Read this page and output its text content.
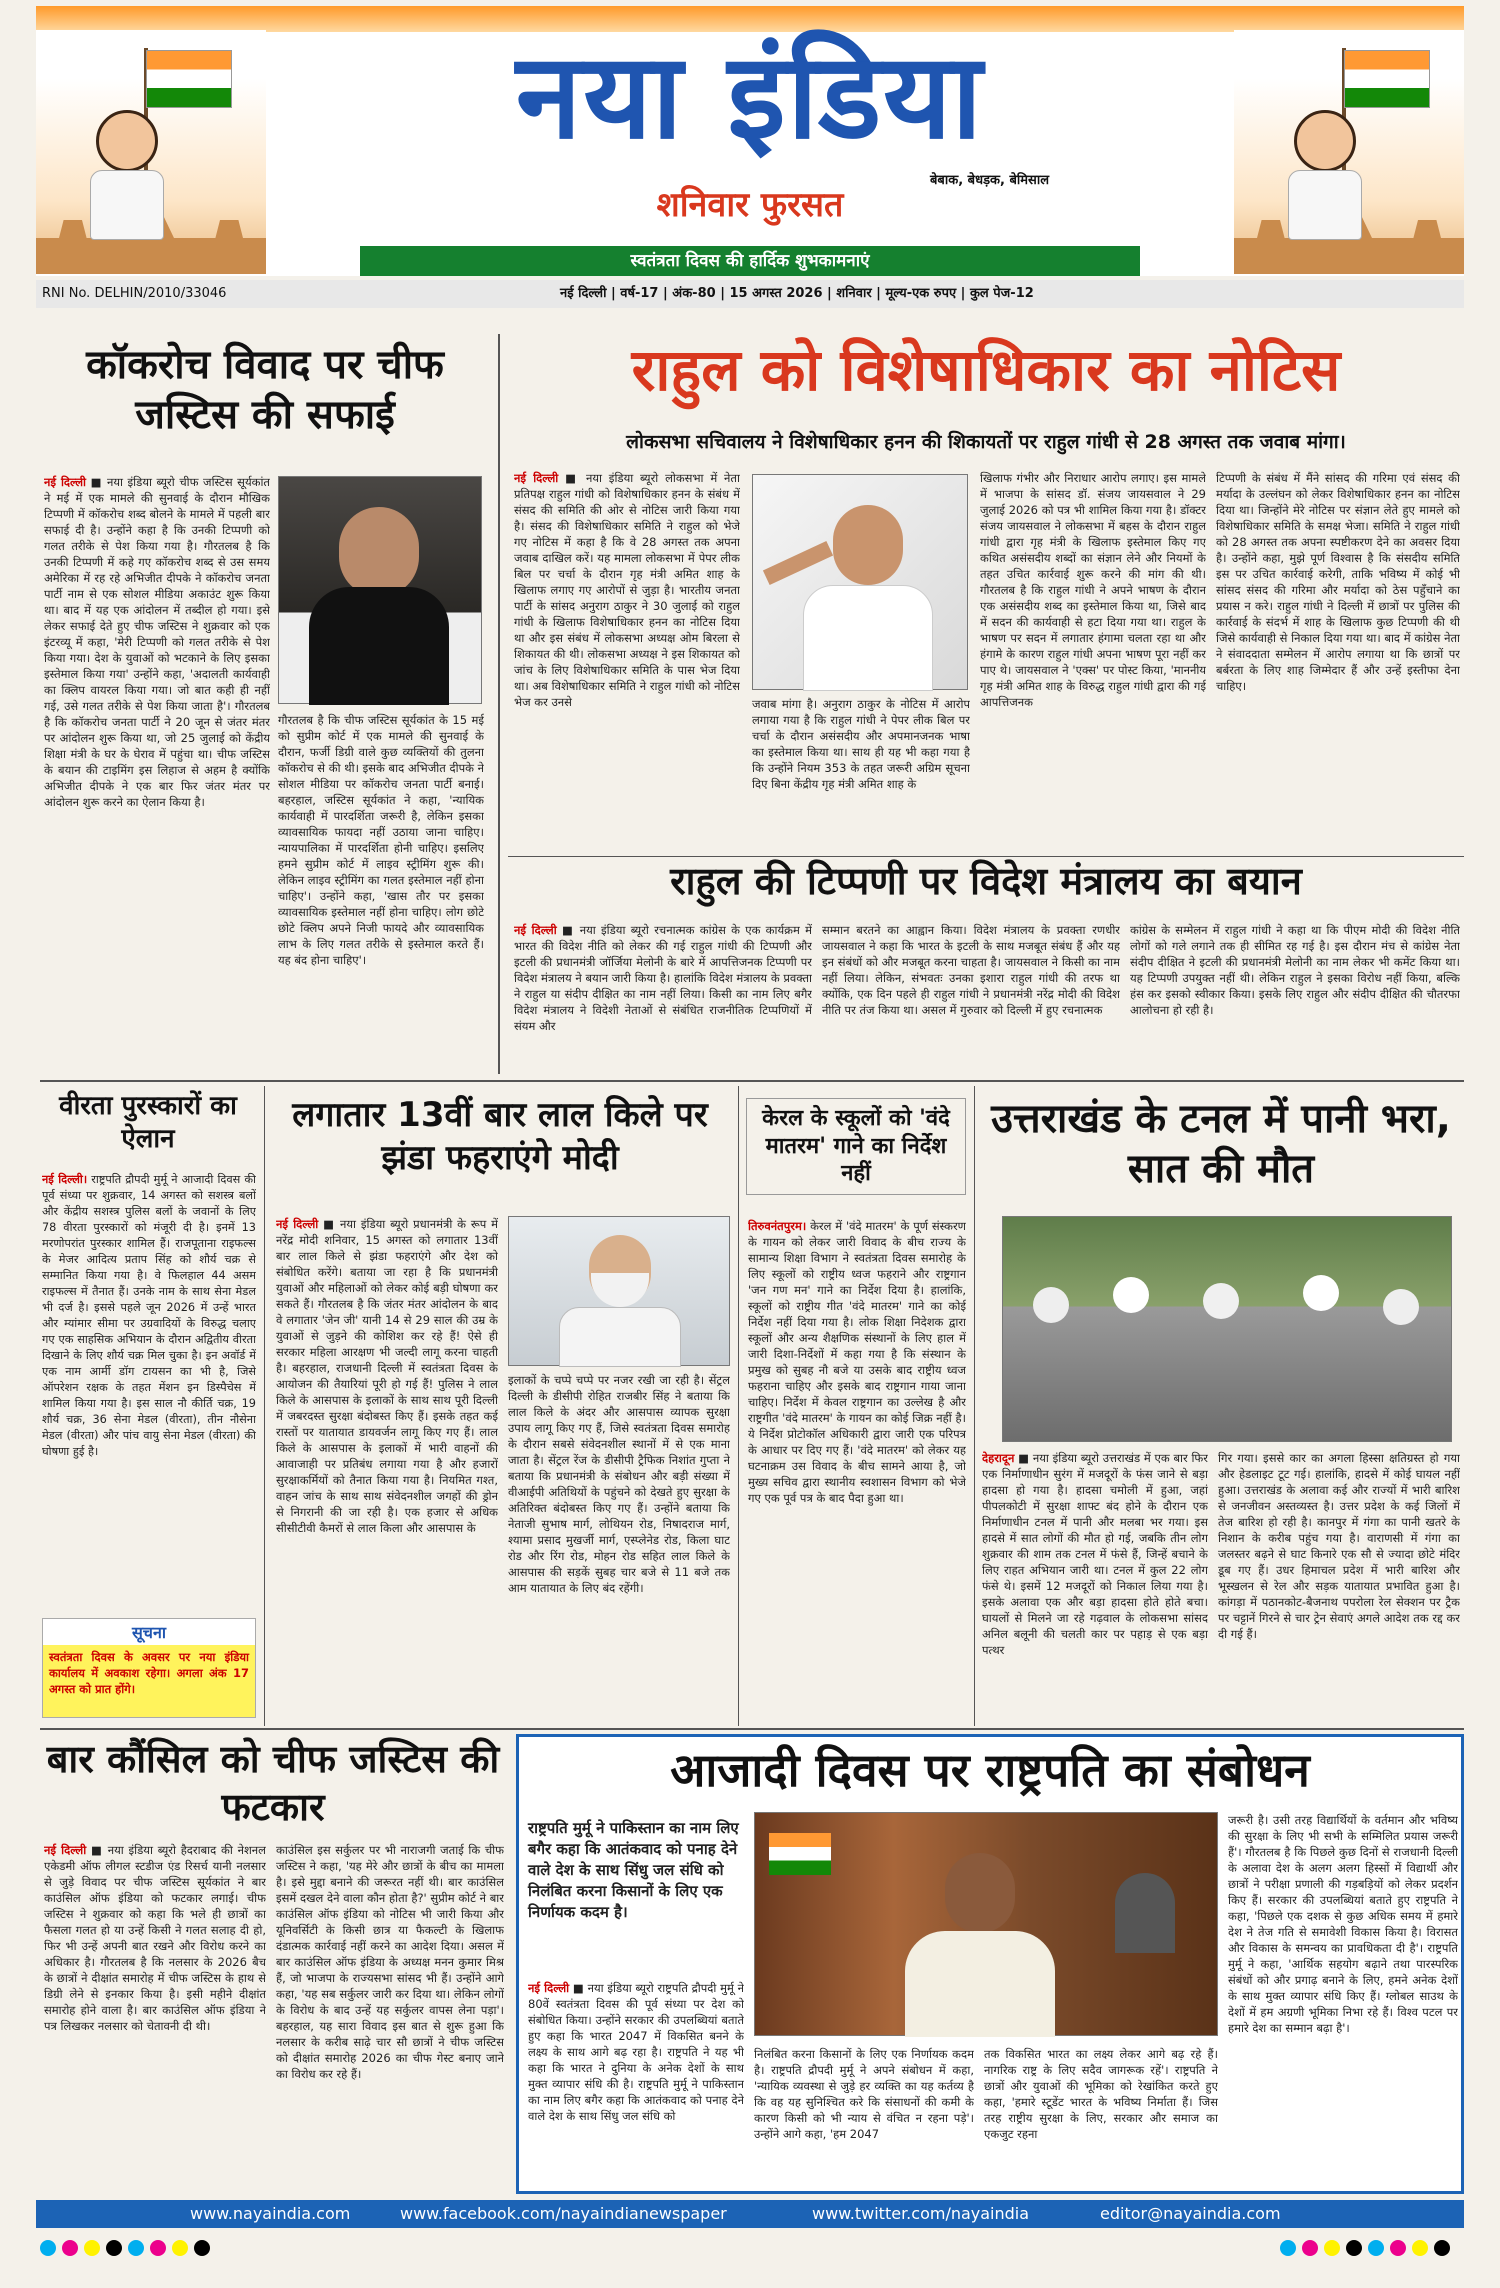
नया इंडिया
बेबाक, बेधड़क, बेमिसाल
शनिवार फुरसत
स्वतंत्रता दिवस की हार्दिक शुभकामनाएं
RNI No. DELHIN/2010/33046	नई दिल्ली | वर्ष-17 | अंक-80 | 15 अगस्त 2026 | शनिवार | मूल्य-एक रुपए | कुल पेज-12
कॉकरोच विवाद पर चीफ जस्टिस की सफाई
नई दिल्ली ■ नया इंडिया ब्यूरो चीफ जस्टिस सूर्यकांत ने मई में एक मामले की सुनवाई के दौरान मौखिक टिप्पणी में कॉकरोच शब्द बोलने के मामले में पहली बार सफाई दी है। उन्होंने कहा है कि उनकी टिप्पणी को गलत तरीके से पेश किया गया है। गौरतलब है कि उनकी टिप्पणी में कहे गए कॉकरोच शब्द से उस समय अमेरिका में रह रहे अभिजीत दीपके ने कॉकरोच जनता पार्टी नाम से एक सोशल मीडिया अकाउंट शुरू किया था। बाद में यह एक आंदोलन में तब्दील हो गया। इसे लेकर सफाई देते हुए चीफ जस्टिस ने शुक्रवार को एक इंटरव्यू में कहा, 'मेरी टिप्पणी को गलत तरीके से पेश किया गया। देश के युवाओं को भटकाने के लिए इसका इस्तेमाल किया गया' उन्होंने कहा, 'अदालती कार्यवाही का क्लिप वायरल किया गया। जो बात कही ही नहीं गई, उसे गलत तरीके से पेश किया जाता है'। गौरतलब है कि कॉकरोच जनता पार्टी ने 20 जून से जंतर मंतर पर आंदोलन शुरू किया था, जो 25 जुलाई को केंद्रीय शिक्षा मंत्री के घर के घेराव में पहुंचा था। चीफ जस्टिस के बयान की टाइमिंग इस लिहाज से अहम है क्योंकि अभिजीत दीपके ने एक बार फिर जंतर मंतर पर आंदोलन शुरू करने का ऐलान किया है।
गौरतलब है कि चीफ जस्टिस सूर्यकांत के 15 मई को सुप्रीम कोर्ट में एक मामले की सुनवाई के दौरान, फर्जी डिग्री वाले कुछ व्यक्तियों की तुलना कॉकरोच से की थी। इसके बाद अभिजीत दीपके ने सोशल मीडिया पर कॉकरोच जनता पार्टी बनाई। बहरहाल, जस्टिस सूर्यकांत ने कहा, 'न्यायिक कार्यवाही में पारदर्शिता जरूरी है, लेकिन इसका व्यावसायिक फायदा नहीं उठाया जाना चाहिए। न्यायपालिका में पारदर्शिता होनी चाहिए। इसलिए हमने सुप्रीम कोर्ट में लाइव स्ट्रीमिंग शुरू की। लेकिन लाइव स्ट्रीमिंग का गलत इस्तेमाल नहीं होना चाहिए'। उन्होंने कहा, 'खास तौर पर इसका व्यावसायिक इस्तेमाल नहीं होना चाहिए। लोग छोटे छोटे क्लिप अपने निजी फायदे और व्यावसायिक लाभ के लिए गलत तरीके से इस्तेमाल करते हैं। यह बंद होना चाहिए'।
राहुल को विशेषाधिकार का नोटिस
लोकसभा सचिवालय ने विशेषाधिकार हनन की शिकायतों पर राहुल गांधी से 28 अगस्त तक जवाब मांगा।
नई दिल्ली ■ नया इंडिया ब्यूरो लोकसभा में नेता प्रतिपक्ष राहुल गांधी को विशेषाधिकार हनन के संबंध में संसद की समिति की ओर से नोटिस जारी किया गया है। संसद की विशेषाधिकार समिति ने राहुल को भेजे गए नोटिस में कहा है कि वे 28 अगस्त तक अपना जवाब दाखिल करें। यह मामला लोकसभा में पेपर लीक बिल पर चर्चा के दौरान गृह मंत्री अमित शाह के खिलाफ लगाए गए आरोपों से जुड़ा है। भारतीय जनता पार्टी के सांसद अनुराग ठाकुर ने 30 जुलाई को राहुल गांधी के खिलाफ विशेषाधिकार हनन का नोटिस दिया था और इस संबंध में लोकसभा अध्यक्ष ओम बिरला से शिकायत की थी। लोकसभा अध्यक्ष ने इस शिकायत को जांच के लिए विशेषाधिकार समिति के पास भेज दिया था। अब विशेषाधिकार समिति ने राहुल गांधी को नोटिस भेज कर उनसे	जवाब मांगा है। अनुराग ठाकुर के नोटिस में आरोप लगाया गया है कि राहुल गांधी ने पेपर लीक बिल पर चर्चा के दौरान असंसदीय और अपमानजनक भाषा का इस्तेमाल किया था। साथ ही यह भी कहा गया है कि उन्होंने नियम 353 के तहत जरूरी अग्रिम सूचना दिए बिना केंद्रीय गृह मंत्री अमित शाह के
खिलाफ गंभीर और निराधार आरोप लगाए। इस मामले में भाजपा के सांसद डॉ. संजय जायसवाल ने 29 जुलाई 2026 को पत्र भी शामिल किया गया है। डॉक्टर संजय जायसवाल ने लोकसभा में बहस के दौरान राहुल गांधी द्वारा गृह मंत्री के खिलाफ इस्तेमाल किए गए कथित असंसदीय शब्दों का संज्ञान लेने और नियमों के तहत उचित कार्रवाई शुरू करने की मांग की थी। गौरतलब है कि राहुल गांधी ने अपने भाषण के दौरान एक असंसदीय शब्द का इस्तेमाल किया था, जिसे बाद में सदन की कार्यवाही से हटा दिया गया था। राहुल के भाषण पर सदन में लगातार हंगामा चलता रहा था और हंगामे के कारण राहुल गांधी अपना भाषण पूरा नहीं कर पाए थे। जायसवाल ने 'एक्स' पर पोस्ट किया, 'माननीय गृह मंत्री अमित शाह के विरुद्ध राहुल गांधी द्वारा की गई आपत्तिजनक
टिप्पणी के संबंध में मैंने सांसद की गरिमा एवं संसद की मर्यादा के उल्लंघन को लेकर विशेषाधिकार हनन का नोटिस दिया था। जिन्होंने मेरे नोटिस पर संज्ञान लेते हुए मामले को विशेषाधिकार समिति के समक्ष भेजा। समिति ने राहुल गांधी को 28 अगस्त तक अपना स्पष्टीकरण देने का अवसर दिया है। उन्होंने कहा, मुझे पूर्ण विश्वास है कि संसदीय समिति इस पर उचित कार्रवाई करेगी, ताकि भविष्य में कोई भी सांसद संसद की गरिमा और मर्यादा को ठेस पहुँचाने का प्रयास न करे। राहुल गांधी ने दिल्ली में छात्रों पर पुलिस की कार्रवाई के संदर्भ में शाह के खिलाफ कुछ टिप्पणी की थी जिसे कार्यवाही से निकाल दिया गया था। बाद में कांग्रेस नेता ने संवाददाता सम्मेलन में आरोप लगाया था कि छात्रों पर बर्बरता के लिए शाह जिम्मेदार हैं और उन्हें इस्तीफा देना चाहिए।
राहुल की टिप्पणी पर विदेश मंत्रालय का बयान
नई दिल्ली ■ नया इंडिया ब्यूरो रचनात्मक कांग्रेस के एक कार्यक्रम में भारत की विदेश नीति को लेकर की गई राहुल गांधी की टिप्पणी और इटली की प्रधानमंत्री जॉर्जिया मेलोनी के बारे में आपत्तिजनक टिप्पणी पर विदेश मंत्रालय ने बयान जारी किया है। हालांकि विदेश मंत्रालय के प्रवक्ता ने राहुल या संदीप दीक्षित का नाम नहीं लिया। किसी का नाम लिए बगैर विदेश मंत्रालय ने विदेशी नेताओं से संबंधित राजनीतिक टिप्पणियों में संयम और
सम्मान बरतने का आह्वान किया। विदेश मंत्रालय के प्रवक्ता रणधीर जायसवाल ने कहा कि भारत के इटली के साथ मजबूत संबंध हैं और यह इन संबंधों को और मजबूत करना चाहता है। जायसवाल ने किसी का नाम नहीं लिया। लेकिन, संभवतः उनका इशारा राहुल गांधी की तरफ था क्योंकि, एक दिन पहले ही राहुल गांधी ने प्रधानमंत्री नरेंद्र मोदी की विदेश नीति पर तंज किया था। असल में गुरुवार को दिल्ली में हुए रचनात्मक
कांग्रेस के सम्मेलन में राहुल गांधी ने कहा था कि पीएम मोदी की विदेश नीति लोगों को गले लगाने तक ही सीमित रह गई है। इस दौरान मंच से कांग्रेस नेता संदीप दीक्षित ने इटली की प्रधानमंत्री मेलोनी का नाम लेकर भी कमेंट किया था। यह टिप्पणी उपयुक्त नहीं थी। लेकिन राहुल ने इसका विरोध नहीं किया, बल्कि हंस कर इसको स्वीकार किया। इसके लिए राहुल और संदीप दीक्षित की चौतरफा आलोचना हो रही है।
वीरता पुरस्कारों का ऐलान
नई दिल्ली। राष्ट्रपति द्रौपदी मुर्मू ने आजादी दिवस की पूर्व संध्या पर शुक्रवार, 14 अगस्त को सशस्त्र बलों और केंद्रीय सशस्त्र पुलिस बलों के जवानों के लिए 78 वीरता पुरस्कारों को मंजूरी दी है। इनमें 13 मरणोपरांत पुरस्कार शामिल हैं। राजपूताना राइफल्स के मेजर आदित्य प्रताप सिंह को शौर्य चक्र से सम्मानित किया गया है। वे फिलहाल 44 असम राइफल्स में तैनात हैं। उनके नाम के साथ सेना मेडल भी दर्ज है। इससे पहले जून 2026 में उन्हें भारत और म्यांमार सीमा पर उग्रवादियों के विरुद्ध चलाए गए एक साहसिक अभियान के दौरान अद्वितीय वीरता दिखाने के लिए शौर्य चक्र मिल चुका है। इन अवॉर्ड में एक नाम आर्मी डॉग टायसन का भी है, जिसे ऑपरेशन रक्षक के तहत मेंशन इन डिस्पैचेस में शामिल किया गया है। इस साल नौ कीर्ति चक्र, 19 शौर्य चक्र, 36 सेना मेडल (वीरता), तीन नौसेना मेडल (वीरता) और पांच वायु सेना मेडल (वीरता) की घोषणा हुई है।
सूचना
स्वतंत्रता दिवस के अवसर पर नया इंडिया कार्यालय में अवकाश रहेगा। अगला अंक 17 अगस्त को प्रात होंगे।
लगातार 13वीं बार लाल किले पर झंडा फहराएंगे मोदी
नई दिल्ली ■ नया इंडिया ब्यूरो प्रधानमंत्री के रूप में नरेंद्र मोदी शनिवार, 15 अगस्त को लगातार 13वीं बार लाल किले से झंडा फहराएंगे और देश को संबोधित करेंगे। बताया जा रहा है कि प्रधानमंत्री युवाओं और महिलाओं को लेकर कोई बड़ी घोषणा कर सकते हैं। गौरतलब है कि जंतर मंतर आंदोलन के बाद वे लगातार 'जेन जी' यानी 14 से 29 साल की उम्र के युवाओं से जुड़ने की कोशिश कर रहे हैं! ऐसे ही सरकार महिला आरक्षण भी जल्दी लागू करना चाहती है। बहरहाल, राजधानी दिल्ली में स्वतंत्रता दिवस के आयोजन की तैयारियां पूरी हो गई हैं! पुलिस ने लाल किले के आसपास के इलाकों के साथ साथ पूरी दिल्ली में जबरदस्त सुरक्षा बंदोबस्त किए हैं। इसके तहत कई रास्तों पर यातायात डायवर्जन लागू किए गए हैं। लाल किले के आसपास के इलाकों में भारी वाहनों की आवाजाही पर प्रतिबंध लगाया गया है और हजारों सुरक्षाकर्मियों को तैनात किया गया है। नियमित गश्त, वाहन जांच के साथ साथ संवेदनशील जगहों की ड्रोन से निगरानी की जा रही है। एक हजार से अधिक सीसीटीवी कैमरों से लाल किला और आसपास के
इलाकों के चप्पे चप्पे पर नजर रखी जा रही है। सेंट्रल दिल्ली के डीसीपी रोहित राजबीर सिंह ने बताया कि लाल किले के अंदर और आसपास व्यापक सुरक्षा उपाय लागू किए गए हैं, जिसे स्वतंत्रता दिवस समारोह के दौरान सबसे संवेदनशील स्थानों में से एक माना जाता है। सेंट्रल रेंज के डीसीपी ट्रैफिक निशांत गुप्ता ने बताया कि प्रधानमंत्री के संबोधन और बड़ी संख्या में वीआईपी अतिथियों के पहुंचने को देखते हुए सुरक्षा के अतिरिक्त बंदोबस्त किए गए हैं। उन्होंने बताया कि नेताजी सुभाष मार्ग, लोथियन रोड, निषादराज मार्ग, श्यामा प्रसाद मुखर्जी मार्ग, एस्प्लेनेड रोड, किला घाट रोड और रिंग रोड, मोहन रोड सहित लाल किले के आसपास की सड़कें सुबह चार बजे से 11 बजे तक आम यातायात के लिए बंद रहेंगी।
केरल के स्कूलों को 'वंदे मातरम' गाने का निर्देश नहीं
तिरुवनंतपुरम। केरल में 'वंदे मातरम' के पूर्ण संस्करण के गायन को लेकर जारी विवाद के बीच राज्य के सामान्य शिक्षा विभाग ने स्वतंत्रता दिवस समारोह के लिए स्कूलों को राष्ट्रीय ध्वज फहराने और राष्ट्रगान 'जन गण मन' गाने का निर्देश दिया है। हालांकि, स्कूलों को राष्ट्रीय गीत 'वंदे मातरम' गाने का कोई निर्देश नहीं दिया गया है। लोक शिक्षा निदेशक द्वारा स्कूलों और अन्य शैक्षणिक संस्थानों के लिए हाल में जारी दिशा-निर्देशों में कहा गया है कि संस्थान के प्रमुख को सुबह नौ बजे या उसके बाद राष्ट्रीय ध्वज फहराना चाहिए और इसके बाद राष्ट्रगान गाया जाना चाहिए। निर्देश में केवल राष्ट्रगान का उल्लेख है और राष्ट्रगीत 'वंदे मातरम' के गायन का कोई जिक्र नहीं है। ये निर्देश प्रोटोकॉल अधिकारी द्वारा जारी एक परिपत्र के आधार पर दिए गए हैं। 'वंदे मातरम' को लेकर यह घटनाक्रम उस विवाद के बीच सामने आया है, जो मुख्य सचिव द्वारा स्थानीय स्वशासन विभाग को भेजे गए एक पूर्व पत्र के बाद पैदा हुआ था।
उत्तराखंड के टनल में पानी भरा, सात की मौत
देहरादून ■ नया इंडिया ब्यूरो उत्तराखंड में एक बार फिर एक निर्माणाधीन सुरंग में मजदूरों के फंस जाने से बड़ा हादसा हो गया है। हादसा चमोली में हुआ, जहां पीपलकोटी में सुरक्षा शाफ्ट बंद होने के दौरान एक निर्माणाधीन टनल में पानी और मलबा भर गया। इस हादसे में सात लोगों की मौत हो गई, जबकि तीन लोग शुक्रवार की शाम तक टनल में फंसे हैं, जिन्हें बचाने के लिए राहत अभियान जारी था। टनल में कुल 22 लोग फंसे थे। इसमें 12 मजदूरों को निकाल लिया गया है। इसके अलावा एक और बड़ा हादसा होते होते बचा। घायलों से मिलने जा रहे गढ़वाल के लोकसभा सांसद अनिल बलूनी की चलती कार पर पहाड़ से एक बड़ा पत्थर
गिर गया। इससे कार का अगला हिस्सा क्षतिग्रस्त हो गया और हेडलाइट टूट गई। हालांकि, हादसे में कोई घायल नहीं हुआ। उत्तराखंड के अलावा कई और राज्यों में भारी बारिश से जनजीवन अस्तव्यस्त है। उत्तर प्रदेश के कई जिलों में तेज बारिश हो रही है। कानपुर में गंगा का पानी खतरे के निशान के करीब पहुंच गया है। वाराणसी में गंगा का जलस्तर बढ़ने से घाट किनारे एक सौ से ज्यादा छोटे मंदिर डूब गए हैं। उधर हिमाचल प्रदेश में भारी बारिश और भूस्खलन से रेल और सड़क यातायात प्रभावित हुआ है। कांगड़ा में पठानकोट-बैजनाथ पपरोला रेल सेक्शन पर ट्रैक पर चट्टानें गिरने से चार ट्रेन सेवाएं अगले आदेश तक रद्द कर दी गई हैं।
बार कौंसिल को चीफ जस्टिस की फटकार
नई दिल्ली ■ नया इंडिया ब्यूरो हैदराबाद की नेशनल एकेडमी ऑफ लीगल स्टडीज एंड रिसर्च यानी नलसार से जुड़े विवाद पर चीफ जस्टिस सूर्यकांत ने बार काउंसिल ऑफ इंडिया को फटकार लगाई। चीफ जस्टिस ने शुक्रवार को कहा कि भले ही छात्रों का फैसला गलत हो या उन्हें किसी ने गलत सलाह दी हो, फिर भी उन्हें अपनी बात रखने और विरोध करने का अधिकार है। गौरतलब है कि नलसार के 2026 बैच के छात्रों ने दीक्षांत समारोह में चीफ जस्टिस के हाथ से डिग्री लेने से इनकार किया है। इसी महीने दीक्षांत समारोह होने वाला है। बार काउंसिल ऑफ इंडिया ने पत्र लिखकर नलसार को चेतावनी दी थी।
काउंसिल इस सर्कुलर पर भी नाराजगी जताई कि चीफ जस्टिस ने कहा, 'यह मेरे और छात्रों के बीच का मामला है। इसे मुद्दा बनाने की जरूरत नहीं थी। बार काउंसिल इसमें दखल देने वाला कौन होता है?' सुप्रीम कोर्ट ने बार काउंसिल ऑफ इंडिया को नोटिस भी जारी किया और यूनिवर्सिटी के किसी छात्र या फैकल्टी के खिलाफ दंडात्मक कार्रवाई नहीं करने का आदेश दिया। असल में बार काउंसिल ऑफ इंडिया के अध्यक्ष मनन कुमार मिश्र हैं, जो भाजपा के राज्यसभा सांसद भी हैं। उन्होंने आगे कहा, 'यह सब सर्कुलर जारी कर दिया था। लेकिन लोगों के विरोध के बाद उन्हें यह सर्कुलर वापस लेना पड़ा'। बहरहाल, यह सारा विवाद इस बात से शुरू हुआ कि नलसार के करीब साढ़े चार सौ छात्रों ने चीफ जस्टिस को दीक्षांत समारोह 2026 का चीफ गेस्ट बनाए जाने का विरोध कर रहे हैं।
आजादी दिवस पर राष्ट्रपति का संबोधन
राष्ट्रपति मुर्मू ने पाकिस्तान का नाम लिए बगैर कहा कि आतंकवाद को पनाह देने वाले देश के साथ सिंधु जल संधि को निलंबित करना किसानों के लिए एक निर्णायक कदम है।
नई दिल्ली ■ नया इंडिया ब्यूरो राष्ट्रपति द्रौपदी मुर्मू ने 80वें स्वतंत्रता दिवस की पूर्व संध्या पर देश को संबोधित किया। उन्होंने सरकार की उपलब्धियां बताते हुए कहा कि भारत 2047 में विकसित बनने के लक्ष्य के साथ आगे बढ़ रहा है। राष्ट्रपति ने यह भी कहा कि भारत ने दुनिया के अनेक देशों के साथ मुक्त व्यापार संधि की है। राष्ट्रपति मुर्मू ने पाकिस्तान का नाम लिए बगैर कहा कि आतंकवाद को पनाह देने वाले देश के साथ सिंधु जल संधि को
निलंबित करना किसानों के लिए एक निर्णायक कदम है। राष्ट्रपति द्रौपदी मुर्मू ने अपने संबोधन में कहा, 'न्यायिक व्यवस्था से जुड़े हर व्यक्ति का यह कर्तव्य है कि वह यह सुनिश्चित करे कि संसाधनों की कमी के कारण किसी को भी न्याय से वंचित न रहना पड़े'। उन्होंने आगे कहा, 'हम 2047
तक विकसित भारत का लक्ष्य लेकर आगे बढ़ रहे हैं। नागरिक राष्ट्र के लिए सदैव जागरूक रहें'। राष्ट्रपति ने छात्रों और युवाओं की भूमिका को रेखांकित करते हुए कहा, 'हमारे स्टूडेंट भारत के भविष्य निर्माता हैं। जिस तरह राष्ट्रीय सुरक्षा के लिए, सरकार और समाज का एकजुट रहना
जरूरी है। उसी तरह विद्यार्थियों के वर्तमान और भविष्य की सुरक्षा के लिए भी सभी के सम्मिलित प्रयास जरूरी हैं'। गौरतलब है कि पिछले कुछ दिनों से राजधानी दिल्ली के अलावा देश के अलग अलग हिस्सों में विद्यार्थी और छात्रों ने परीक्षा प्रणाली की गड़बड़ियों को लेकर प्रदर्शन किए हैं। सरकार की उपलब्धियां बताते हुए राष्ट्रपति ने कहा, 'पिछले एक दशक से कुछ अधिक समय में हमारे देश ने तेज गति से समावेशी विकास किया है। विरासत और विकास के समन्वय का प्रावधिकता दी है'। राष्ट्रपति मुर्मू ने कहा, 'आर्थिक सहयोग बढ़ाने तथा पारस्परिक संबंधों को और प्रगाढ़ बनाने के लिए, हमने अनेक देशों के साथ मुक्त व्यापार संधि किए हैं। ग्लोबल साउथ के देशों में हम अग्रणी भूमिका निभा रहे हैं। विश्व पटल पर हमारे देश का सम्मान बढ़ा है'।
www.nayaindia.com	www.facebook.com/nayaindianewspaper	www.twitter.com/nayaindia	editor@nayaindia.com
